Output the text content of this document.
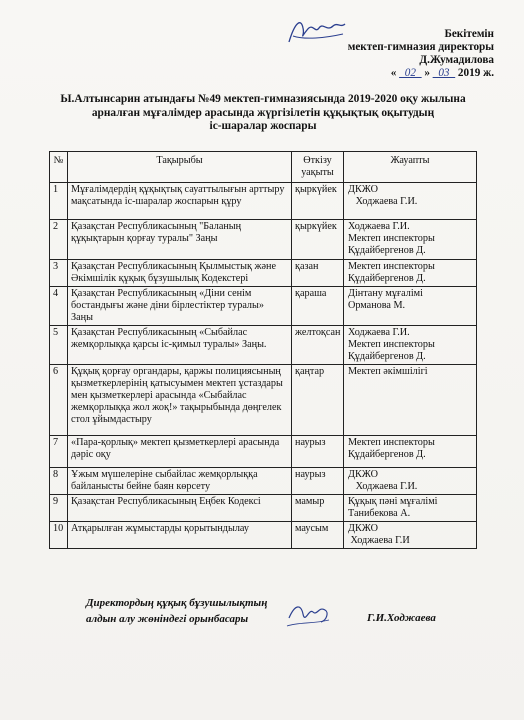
Бекітемін
мектеп-гимназия директоры
Д.Жумадилова
« _02_ » _03_ 2019 ж.
Ы.Алтынсарин атындағы №49 мектеп-гимназиясында 2019-2020 оқу жылына
арналған мұғалімдер арасында жүргізілетін құқықтық оқытудың
іс-шаралар жоспары
№	Тақырыбы	Өткізу уақыты	Жауапты
1	Мұғалімдердің құқықтық сауаттылығын арттыру мақсатында іс-шаралар жоспарын құру	қыркүйек	ДКЖО
Ходжаева Г.И.
2	Қазақстан Республикасының "Баланың құқықтарын қорғау туралы" Заңы	қыркүйек	Ходжаева Г.И.
Мектеп инспекторы
Құдайбергенов Д.
3	Қазақстан Республикасының Қылмыстық және Әкімшілік құқық бұзушылық Кодекстері	қазан	Мектеп инспекторы
Құдайбергенов Д.
4	Қазақстан Республикасының «Діни сенім бостандығы және діни бірлестіктер туралы» Заңы	қараша	Дінтану мұғалімі
Орманова М.
5	Қазақстан Республикасының «Сыбайлас жемқорлыққа қарсы іс-қимыл туралы» Заңы.	желтоқсан	Ходжаева Г.И.
Мектеп инспекторы
Құдайбергенов Д.
6	Құқық қорғау органдары, қаржы полициясының қызметкерлерінің қатысуымен мектеп ұстаздары мен қызметкерлері арасында «Сыбайлас жемқорлыққа жол жоқ!» тақырыбында дөңгелек стол ұйымдастыру	қаңтар	Мектеп әкімшілігі
7	«Пара-қорлық» мектеп қызметкерлері арасында дәріс оқу	наурыз	Мектеп инспекторы
Құдайбергенов Д.
8	Ұжым мүшелеріне сыбайлас жемқорлыққа байланысты бейне баян көрсету	наурыз	ДКЖО
Ходжаева Г.И.
9	Қазақстан Республикасының Еңбек Кодексі	мамыр	Құқық пәні мұғалімі
Танибекова А.
10	Атқарылған жұмыстарды қорытындылау	маусым	ДКЖО
Ходжаева Г.И
Директордың құқық бұзушылықтың
алдын алу жөніндегі орынбасары	Г.И.Ходжаева
